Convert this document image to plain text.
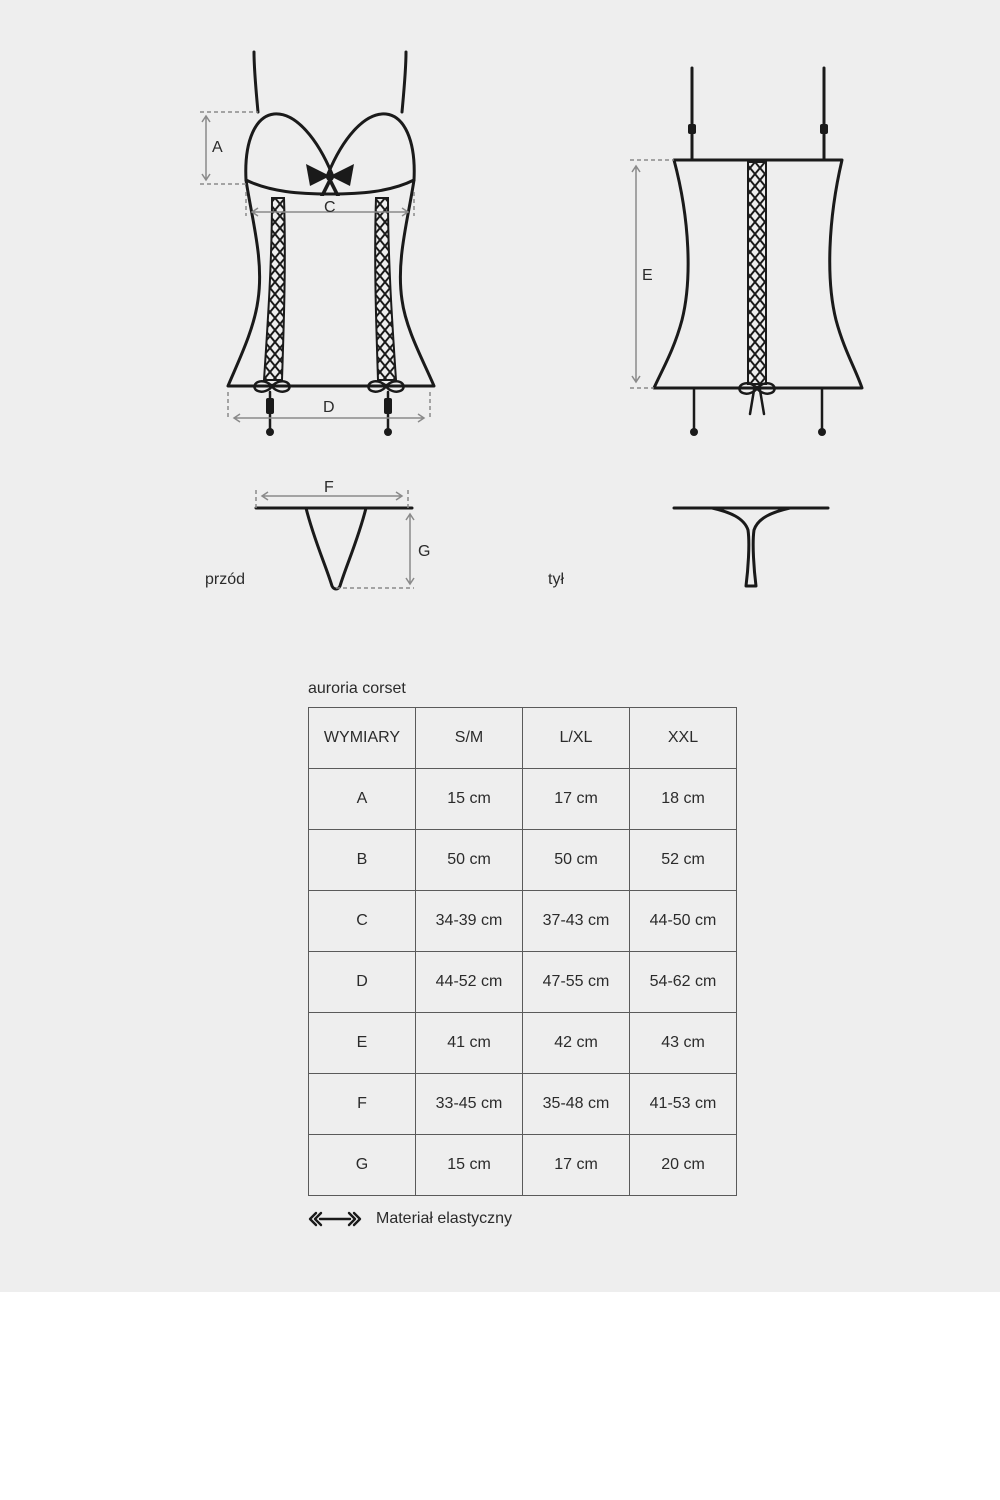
A
C
D
E
F
G
przód	tył
auroria corset
WYMIARY	S/M	L/XL	XXL
A	15 cm	17 cm	18 cm
B	50 cm	50 cm	52 cm
C	34-39 cm	37-43 cm	44-50 cm
D	44-52 cm	47-55 cm	54-62 cm
E	41 cm	42 cm	43 cm
F	33-45 cm	35-48 cm	41-53 cm
G	15 cm	17 cm	20 cm
Materiał elastyczny
